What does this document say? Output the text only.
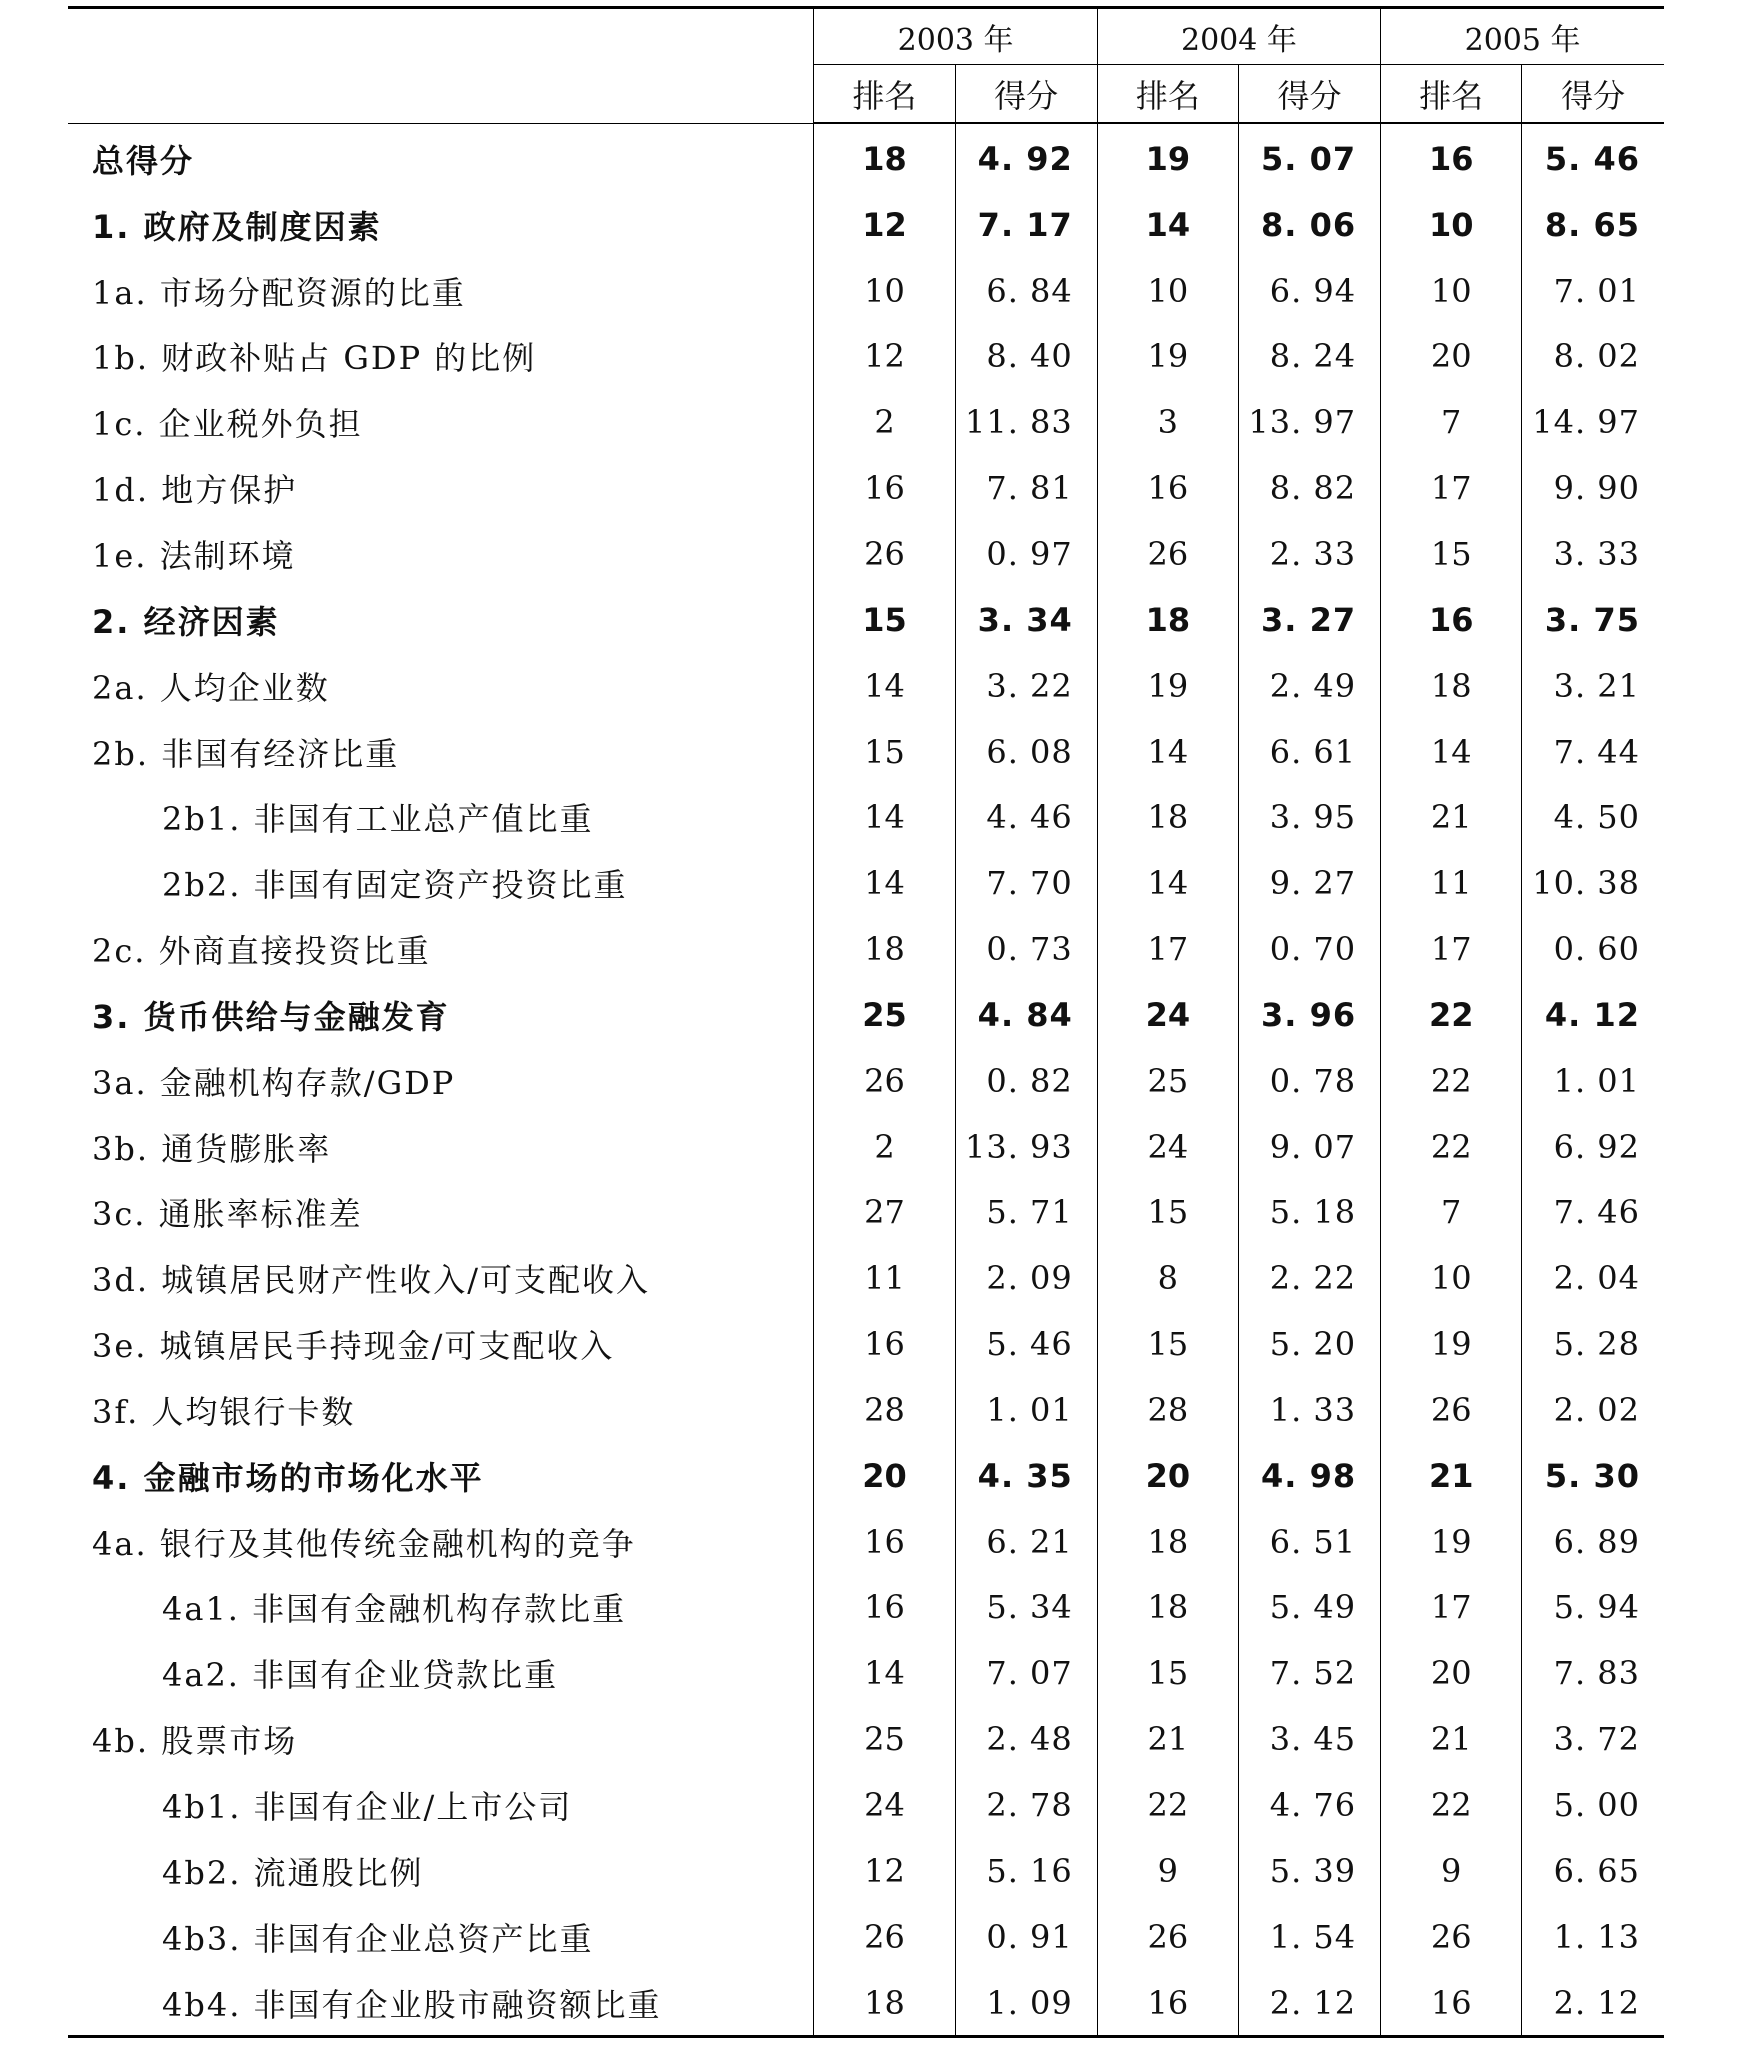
	2003 年		2004 年		2005 年	
	排名	得分	排名	得分	排名	得分
总得分	18	4. 92	19	5. 07	16	5. 46
1. 政府及制度因素	12	7. 17	14	8. 06	10	8. 65
1a. 市场分配资源的比重	10	6. 84	10	6. 94	10	7. 01
1b. 财政补贴占 GDP 的比例	12	8. 40	19	8. 24	20	8. 02
1c. 企业税外负担	2	11. 83	3	13. 97	7	14. 97
1d. 地方保护	16	7. 81	16	8. 82	17	9. 90
1e. 法制环境	26	0. 97	26	2. 33	15	3. 33
2. 经济因素	15	3. 34	18	3. 27	16	3. 75
2a. 人均企业数	14	3. 22	19	2. 49	18	3. 21
2b. 非国有经济比重	15	6. 08	14	6. 61	14	7. 44
2b1. 非国有工业总产值比重	14	4. 46	18	3. 95	21	4. 50
2b2. 非国有固定资产投资比重	14	7. 70	14	9. 27	11	10. 38
2c. 外商直接投资比重	18	0. 73	17	0. 70	17	0. 60
3. 货币供给与金融发育	25	4. 84	24	3. 96	22	4. 12
3a. 金融机构存款/GDP	26	0. 82	25	0. 78	22	1. 01
3b. 通货膨胀率	2	13. 93	24	9. 07	22	6. 92
3c. 通胀率标准差	27	5. 71	15	5. 18	7	7. 46
3d. 城镇居民财产性收入/可支配收入	11	2. 09	8	2. 22	10	2. 04
3e. 城镇居民手持现金/可支配收入	16	5. 46	15	5. 20	19	5. 28
3f. 人均银行卡数	28	1. 01	28	1. 33	26	2. 02
4. 金融市场的市场化水平	20	4. 35	20	4. 98	21	5. 30
4a. 银行及其他传统金融机构的竞争	16	6. 21	18	6. 51	19	6. 89
4a1. 非国有金融机构存款比重	16	5. 34	18	5. 49	17	5. 94
4a2. 非国有企业贷款比重	14	7. 07	15	7. 52	20	7. 83
4b. 股票市场	25	2. 48	21	3. 45	21	3. 72
4b1. 非国有企业/上市公司	24	2. 78	22	4. 76	22	5. 00
4b2. 流通股比例	12	5. 16	9	5. 39	9	6. 65
4b3. 非国有企业总资产比重	26	0. 91	26	1. 54	26	1. 13
4b4. 非国有企业股市融资额比重	18	1. 09	16	2. 12	16	2. 12
